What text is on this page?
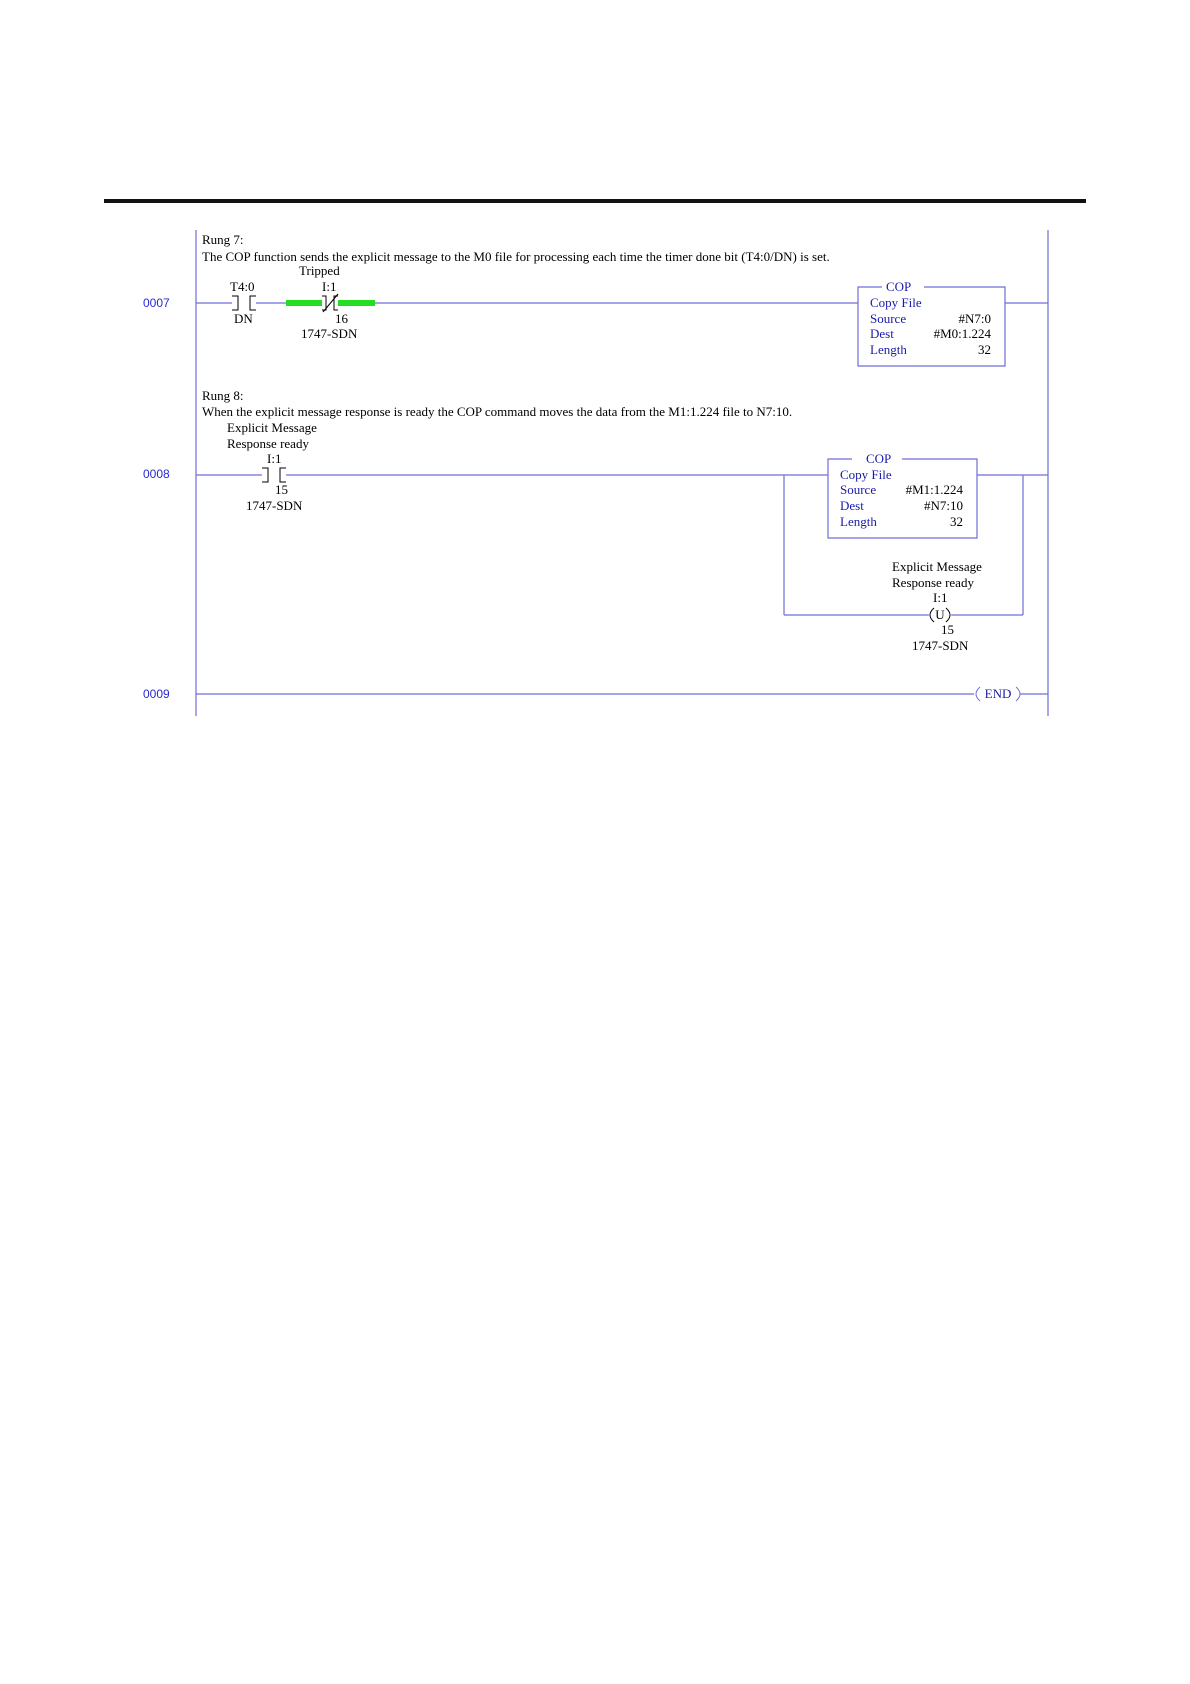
0007
Rung 7:
The COP function sends the explicit message to the M0 file for processing each time the timer done bit (T4:0/DN) is set.
T4:0
DN
Tripped
I:1
16
1747-SDN
COP
Copy File
Source	#N7:0
Dest	#M0:1.224
Length	32
0008
Rung 8:
When the explicit message response is ready the COP command moves the data from the M1:1.224 file to N7:10.
Explicit Message
Response ready
I:1
15
1747-SDN
COP
Copy File
Source #M1:1.224
Dest	#N7:10
Length	32
U
Explicit Message
Response ready
I:1
15
1747-SDN
0009	END
